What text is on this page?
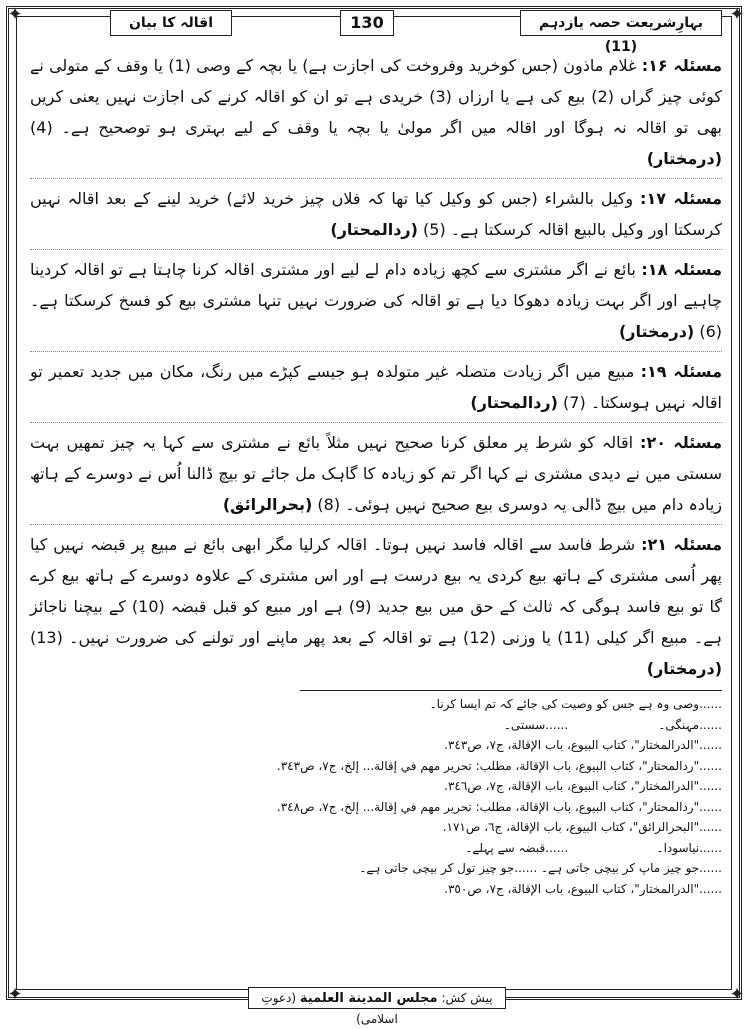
✦	✦
✦	✦
اقالہ کا بیان	130	بہارِشریعت حصہ یازدہم (11)

مسئلہ ۱۶: غلام ماذون (جس کوخرید وفروخت کی اجازت ہے) یا بچہ کے وصی (1) یا وقف کے متولی نے کوئی چیز گراں (2) بیع کی ہے یا ارزاں (3) خریدی ہے تو ان کو اقالہ کرنے کی اجازت نہیں یعنی کریں بھی تو اقالہ نہ ہوگا اور اقالہ میں اگر مولیٰ یا بچہ یا وقف کے لیے بہتری ہو توصحیح ہے۔ (4) (درمختار)

مسئلہ ۱۷: وکیل بالشراء (جس کو وکیل کیا تھا کہ فلاں چیز خرید لائے) خرید لینے کے بعد اقالہ نہیں کرسکتا اور وکیل بالبیع اقالہ کرسکتا ہے۔ (5) (ردالمحتار)

مسئلہ ۱۸: بائع نے اگر مشتری سے کچھ زیادہ دام لے لیے اور مشتری اقالہ کرنا چاہتا ہے تو اقالہ کردینا چاہیے اور اگر بہت زیادہ دھوکا دیا ہے تو اقالہ کی ضرورت نہیں تنہا مشتری بیع کو فسخ کرسکتا ہے۔ (6) (درمختار)

مسئلہ ۱۹: مبیع میں اگر زیادت متصلہ غیر متولدہ ہو جیسے کپڑے میں رنگ، مکان میں جدید تعمیر تو اقالہ نہیں ہوسکتا۔ (7) (ردالمحتار)

مسئلہ ۲۰: اقالہ کو شرط پر معلق کرنا صحیح نہیں مثلاً بائع نے مشتری سے کہا یہ چیز تمھیں بہت سستی میں نے دیدی مشتری نے کہا اگر تم کو زیادہ کا گاہک مل جائے تو بیچ ڈالنا اُس نے دوسرے کے ہاتھ زیادہ دام میں بیچ ڈالی یہ دوسری بیع صحیح نہیں ہوئی۔ (8) (بحرالرائق)

مسئلہ ۲۱: شرط فاسد سے اقالہ فاسد نہیں ہوتا۔ اقالہ کرلیا مگر ابھی بائع نے مبیع پر قبضہ نہیں کیا پھر اُسی مشتری کے ہاتھ بیع کردی یہ بیع درست ہے اور اس مشتری کے علاوہ دوسرے کے ہاتھ بیع کرے گا تو بیع فاسد ہوگی کہ ثالث کے حق میں بیع جدید (9) ہے اور مبیع کو قبل قبضہ (10) کے بیچنا ناجائز ہے۔ مبیع اگر کیلی (11) یا وزنی (12) ہے تو اقالہ کے بعد پھر ماپنے اور تولنے کی ضرورت نہیں۔ (13) (درمختار)

......وصی وہ ہے جس کو وصیت کی جائے کہ تم ایسا کرنا۔
......مہنگی۔ ......سستی۔
......"الدرالمختار"، كتاب البيوع، باب الإقالة، ج٧، ص٣٤٣.
......"ردالمحتار"، كتاب البيوع، باب الإقالة، مطلب: تحرير مهم في إقالة... إلخ، ج٧، ص٣٤٣.
......"الدرالمختار"، كتاب البيوع، باب الإقالة، ج٧، ص٣٤٦.
......"ردالمحتار"، كتاب البيوع، باب الإقالة، مطلب: تحرير مهم في إقالة... إلخ، ج٧، ص٣٤٨.
......"البحرالرائق"، كتاب البيوع، باب الإقالة، ج٦، ص١٧١.
......نیاسودا۔ ......قبضہ سے پہلے۔
......جو چیز ماپ کر بیچی جاتی ہے۔ ......جو چیز تول کر بیچی جاتی ہے۔
......"الدرالمختار"، كتاب البيوع، باب الإقالة، ج٧، ص٣٥٠.
پیش کش: مجلس المدینة العلمیة (دعوتِ اسلامی)
